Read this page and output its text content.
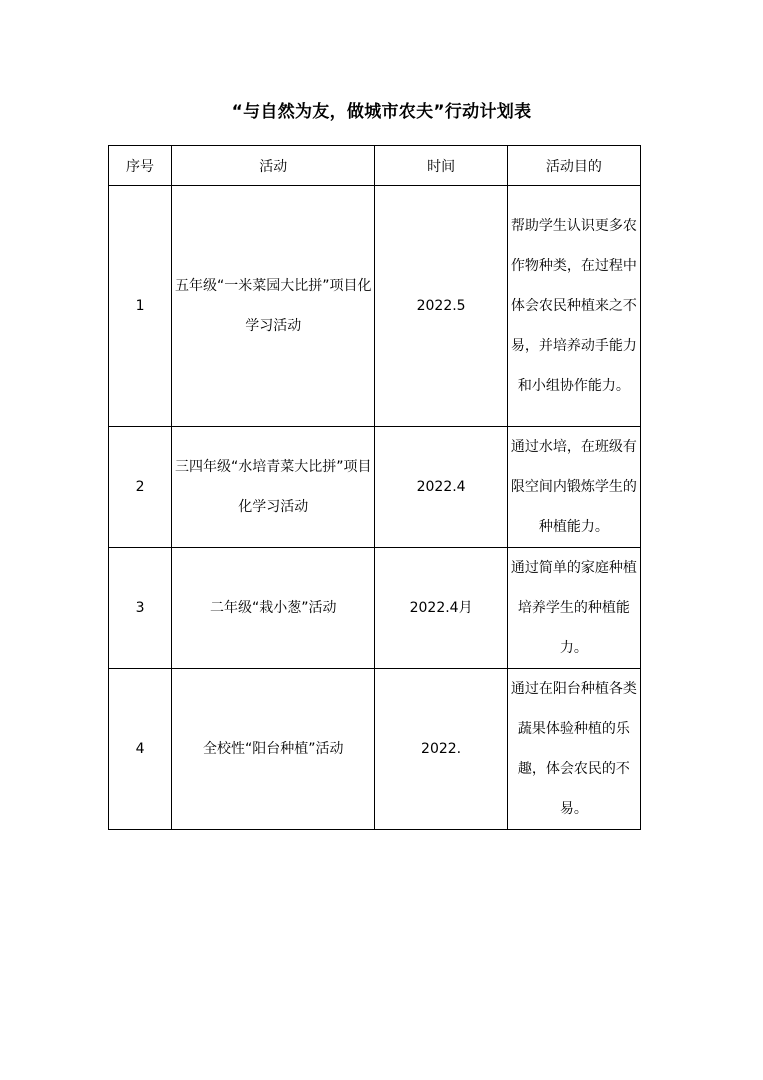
“与自然为友，做城市农夫”行动计划表
序号	活动	时间	活动目的
1	五年级“一米菜园大比拼”项目化学习活动	2022.5	帮助学生认识更多农作物种类，在过程中体会农民种植来之不易，并培养动手能力和小组协作能力。
2	三四年级“水培青菜大比拼”项目化学习活动	2022.4	通过水培，在班级有限空间内锻炼学生的种植能力。
3	二年级“栽小葱”活动	2022.4月	通过简单的家庭种植培养学生的种植能力。
4	全校性“阳台种植”活动	2022.	通过在阳台种植各类蔬果体验种植的乐趣，体会农民的不易。
